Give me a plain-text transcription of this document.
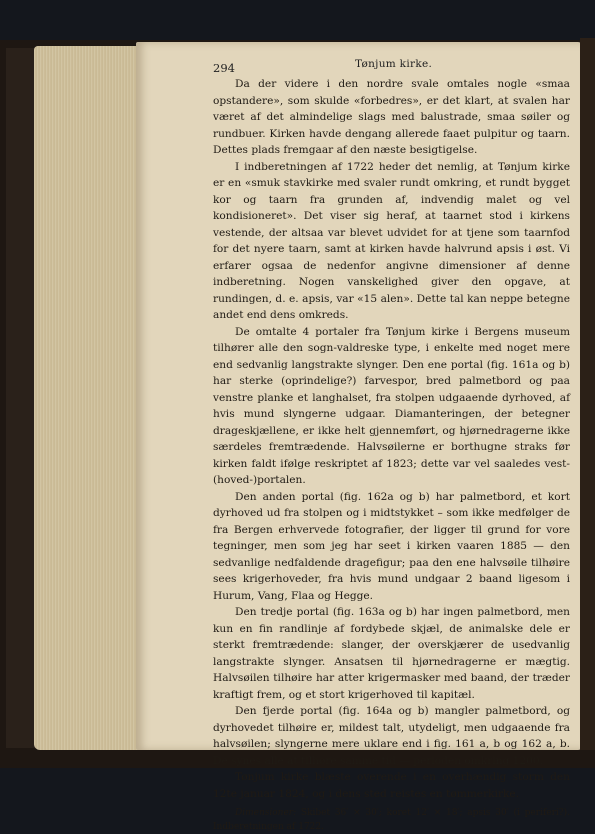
294	Tønjum kirke.

Da der videre i den nordre svale omtales nogle «smaa opstandere», som skulde «forbedres», er det klart, at svalen har været af det almindelige slags med balustrade, smaa søiler og rundbuer. Kirken havde dengang allerede faaet pulpitur og taarn. Dettes plads fremgaar af den næste besigtigelse.

I indberetningen af 1722 heder det nemlig, at Tønjum kirke er en «smuk stavkirke med svaler rundt omkring, et rundt bygget kor og taarn fra grunden af, indvendig malet og vel kondisioneret». Det viser sig heraf, at taarnet stod i kirkens vestende, der altsaa var blevet udvidet for at tjene som taarnfod for det nyere taarn, samt at kirken havde halvrund apsis i øst. Vi erfarer ogsaa de nedenfor angivne dimensioner af denne indberetning. Nogen vanskelighed giver den opgave, at rundingen, d. e. apsis, var «15 alen». Dette tal kan neppe betegne andet end dens omkreds.

De omtalte 4 portaler fra Tønjum kirke i Bergens museum tilhører alle den sogn-valdreske type, i enkelte med noget mere end sedvanlig langstrakte slynger. Den ene portal (fig. 161a og b) har sterke (oprindelige?) farvespor, bred palmetbord og paa venstre planke et langhalset, fra stolpen udgaaende dyrhoved, af hvis mund slyngerne udgaar. Diamanteringen, der betegner drageskjællene, er ikke helt gjennemført, og hjørnedragerne ikke særdeles fremtrædende. Halvsøilerne er borthugne straks før kirken faldt ifølge reskriptet af 1823; dette var vel saaledes vest-(hoved-)portalen.

Den anden portal (fig. 162a og b) har palmetbord, et kort dyrhoved ud fra stolpen og i midtstykket – som ikke medfølger de fra Bergen erhvervede fotografier, der ligger til grund for vore tegninger, men som jeg har seet i kirken vaaren 1885 — den sedvanlige nedfaldende dragefigur; paa den ene halvsøile tilhøire sees krigerhoveder, fra hvis mund undgaar 2 baand ligesom i Hurum, Vang, Flaa og Hegge.

Den tredje portal (fig. 163a og b) har ingen palmetbord, men kun en fin randlinje af fordybede skjæl, de animalske dele er sterkt fremtrædende: slanger, der overskjærer de usedvanlig langstrakte slynger. Ansatsen til hjørnedragerne er mægtig. Halvsøilen tilhøire har atter krigermasker med baand, der træder kraftigt frem, og et stort krigerhoved til kapitæl.

Den fjerde portal (fig. 164a og b) mangler palmetbord, og dyrhovedet tilhøire er, mildest talt, utydeligt, men udgaaende fra halvsøilen; slyngerne mere uklare end i fig. 161 a, b og 162 a, b. De synes alle at tilhøre samme tid — perioden omkring 1200.

Tønjum kirke blæste overende i en overhændig storm den 12te januar 1824, og i dens sted reistes en tømmerkirke.

Dimensioner: Skibet 36′ × 30′; koret 12′ × 18′; apsis 30′ (i periferi?). Indberetningen af 1722.
